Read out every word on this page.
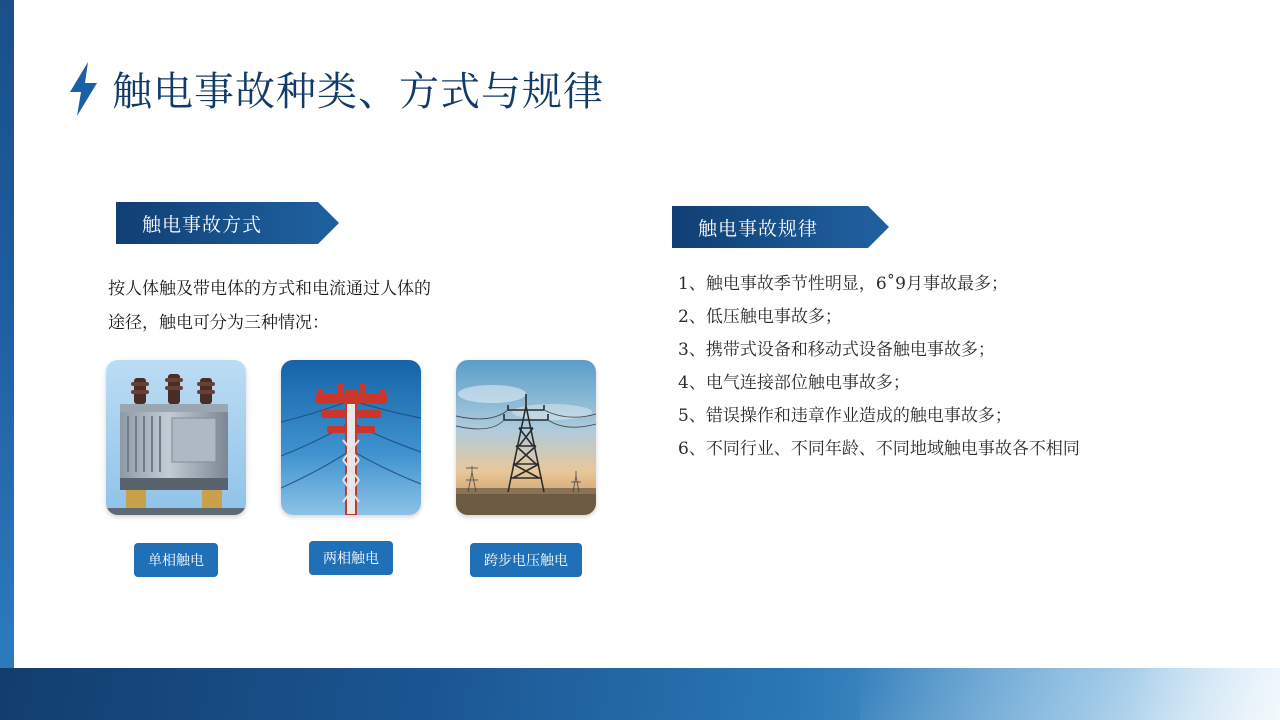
触电事故种类、方式与规律
触电事故方式
按人体触及带电体的方式和电流通过人体的
途径，触电可分为三种情况：
单相触电	两相触电	跨步电压触电
触电事故规律
1、触电事故季节性明显，6˚9月事故最多；
2、低压触电事故多；
3、携带式设备和移动式设备触电事故多；
4、电气连接部位触电事故多；
5、错误操作和违章作业造成的触电事故多；
6、不同行业、不同年龄、不同地域触电事故各不相同
